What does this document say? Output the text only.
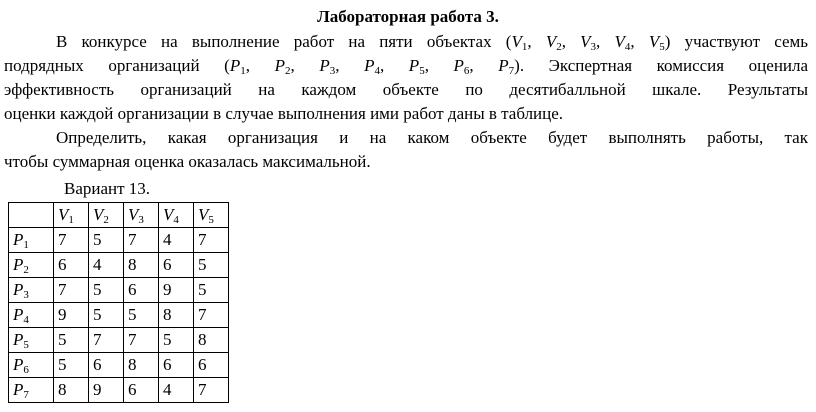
Лабораторная работа 3.
В конкурсе на выполнение работ на пяти объектах ($V_1$, $V_2$, $V_3$, $V_4$, $V_5$) участвуют семь
подрядных организаций ($P_1$, $P_2$, $P_3$, $P_4$, $P_5$, $P_6$, $P_7$). Экспертная комиссия оценила
эффективность организаций на каждом объекте по десятибалльной шкале. Результаты
оценки каждой организации в случае выполнения ими работ даны в таблице.
Определить, какая организация и на каком объекте будет выполнять работы, так
чтобы суммарная оценка оказалась максимальной.
Вариант 13.
	$V_1$	$V_2$	$V_3$	$V_4$	$V_5$
$P_1$	7	5	7	4	7
$P_2$	6	4	8	6	5
$P_3$	7	5	6	9	5
$P_4$	9	5	5	8	7
$P_5$	5	7	7	5	8
$P_6$	5	6	8	6	6
$P_7$	8	9	6	4	7
